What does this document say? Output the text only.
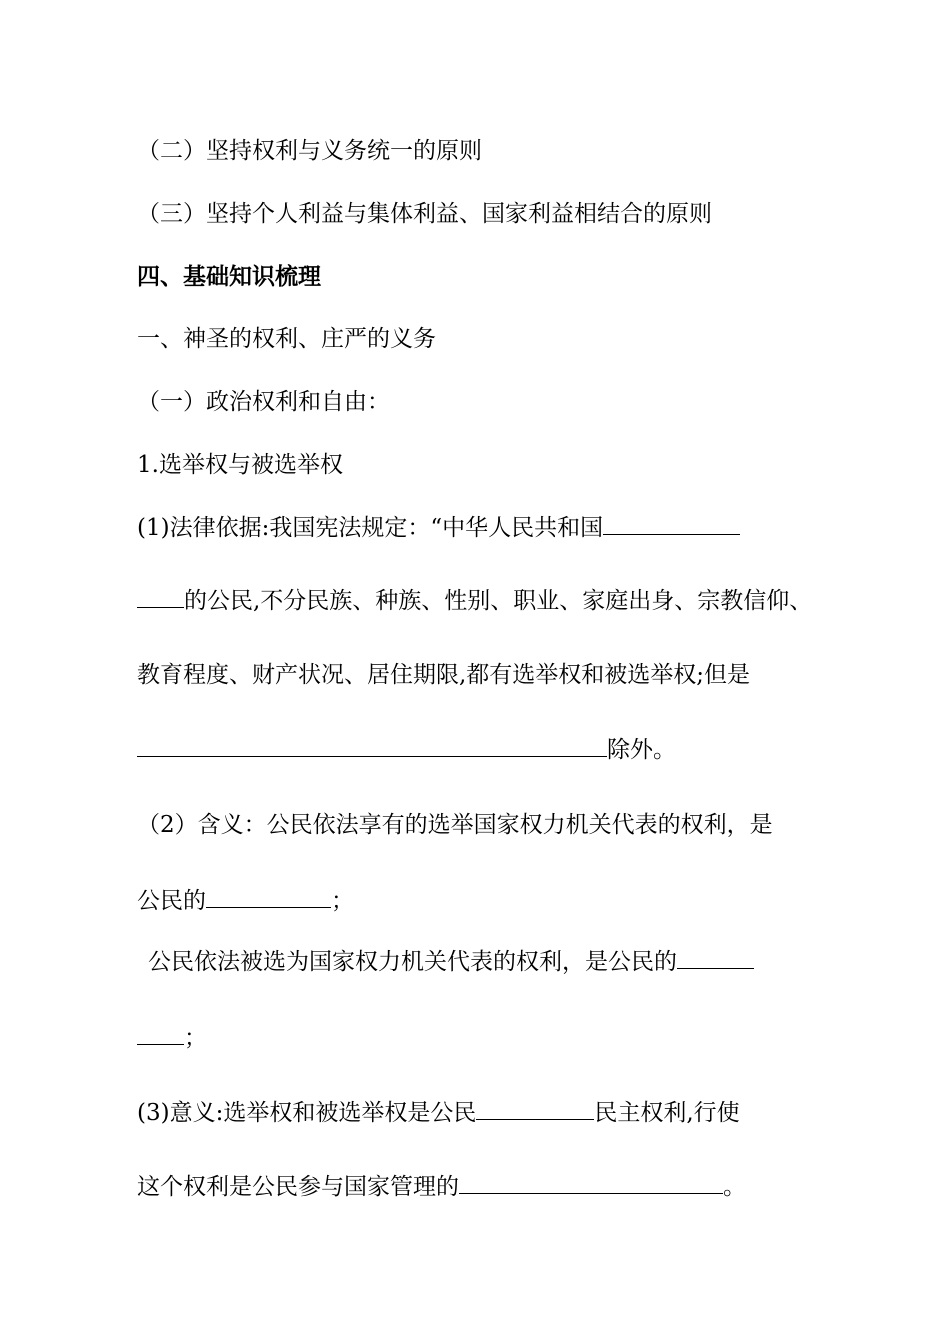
（二）坚持权利与义务统一的原则
（三）坚持个人利益与集体利益、国家利益相结合的原则
四、基础知识梳理
一、神圣的权利、庄严的义务
（一）政治权利和自由：
1.选举权与被选举权
(1)法律依据:我国宪法规定：“中华人民共和国
的公民,不分民族、种族、性别、职业、家庭出身、宗教信仰、
教育程度、财产状况、居住期限,都有选举权和被选举权;但是
除外。
（2）含义：公民依法享有的选举国家权力机关代表的权利，是
公民的	；
公民依法被选为国家权力机关代表的权利，是公民的
；
(3)意义:选举权和被选举权是公民	民主权利,行使
这个权利是公民参与国家管理的	。
